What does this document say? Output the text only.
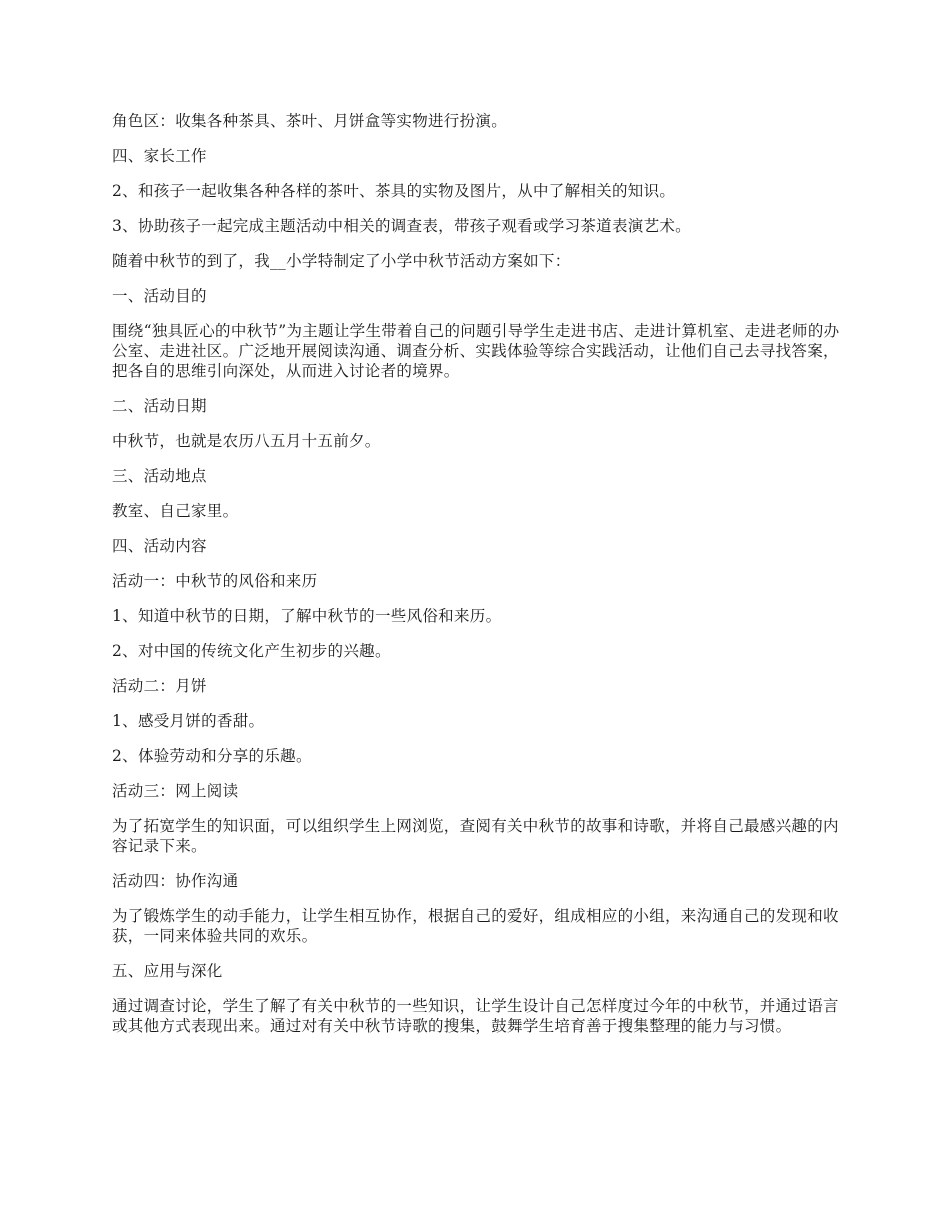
角色区：收集各种茶具、茶叶、月饼盒等实物进行扮演。

四、家长工作

2、和孩子一起收集各种各样的茶叶、茶具的实物及图片，从中了解相关的知识。

3、协助孩子一起完成主题活动中相关的调查表，带孩子观看或学习茶道表演艺术。

随着中秋节的到了，我__小学特制定了小学中秋节活动方案如下：

一、活动目的

围绕“独具匠心的中秋节”为主题让学生带着自己的问题引导学生走进书店、走进计算机室、走进老师的办公室、走进社区。广泛地开展阅读沟通、调查分析、实践体验等综合实践活动，让他们自己去寻找答案，把各自的思维引向深处，从而进入讨论者的境界。

二、活动日期

中秋节，也就是农历八五月十五前夕。

三、活动地点

教室、自己家里。

四、活动内容

活动一：中秋节的风俗和来历

1、知道中秋节的日期，了解中秋节的一些风俗和来历。

2、对中国的传统文化产生初步的兴趣。

活动二：月饼

1、感受月饼的香甜。

2、体验劳动和分享的乐趣。

活动三：网上阅读

为了拓宽学生的知识面，可以组织学生上网浏览，查阅有关中秋节的故事和诗歌，并将自己最感兴趣的内容记录下来。

活动四：协作沟通

为了锻炼学生的动手能力，让学生相互协作，根据自己的爱好，组成相应的小组，来沟通自己的发现和收获，一同来体验共同的欢乐。

五、应用与深化

通过调查讨论，学生了解了有关中秋节的一些知识，让学生设计自己怎样度过今年的中秋节，并通过语言或其他方式表现出来。通过对有关中秋节诗歌的搜集，鼓舞学生培育善于搜集整理的能力与习惯。
